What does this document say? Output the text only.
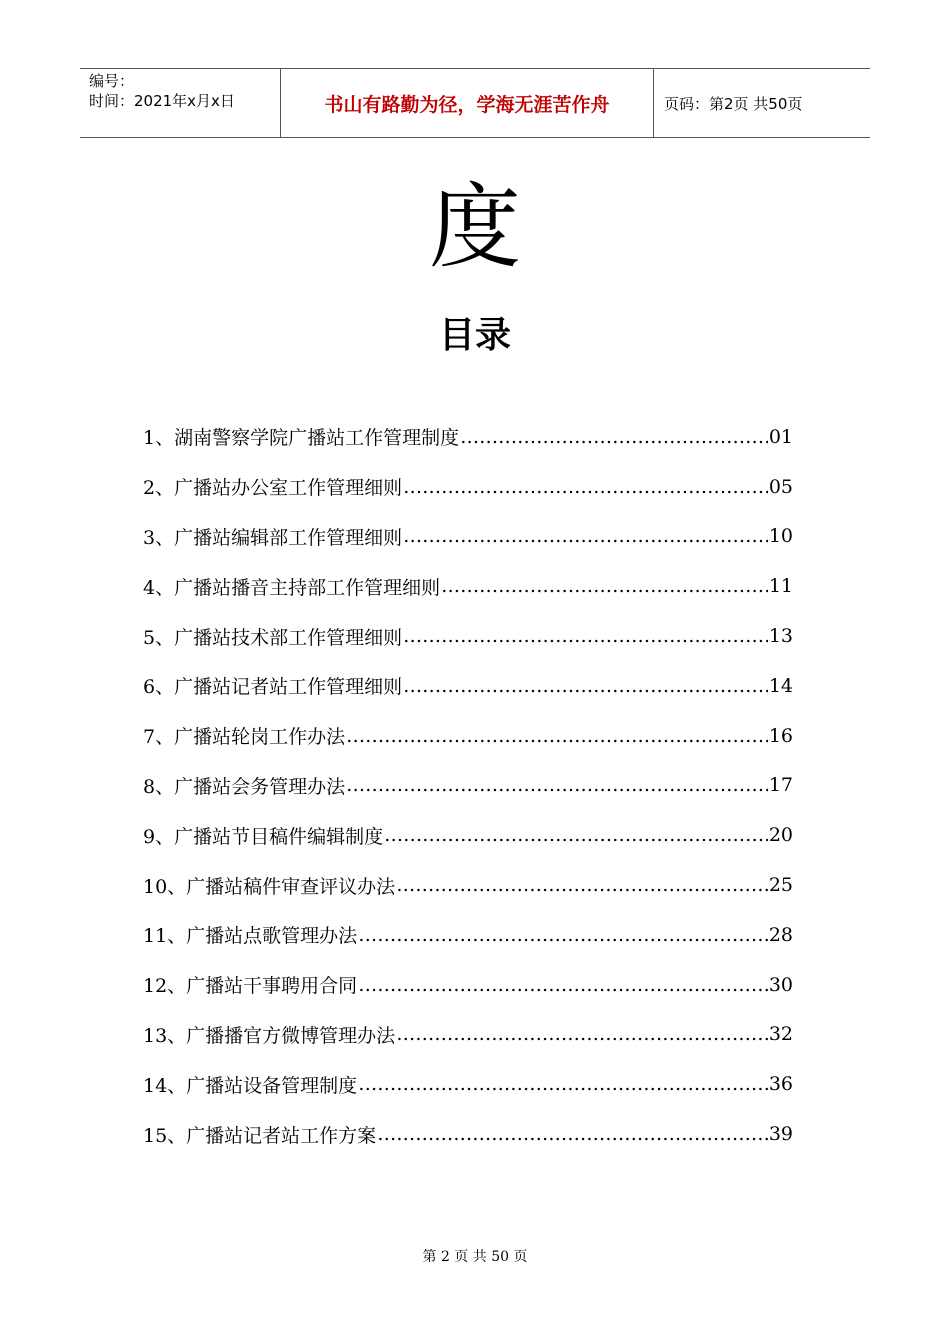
编号：
时间：2021年x月x日	书山有路勤为径，学海无涯苦作舟	页码：第2页 共50页
度
目录
1、湖南警察学院广播站工作管理制度 ………………………………………………………………………………………………………………………………	01
2、广播站办公室工作管理细则 ………………………………………………………………………………………………………………………………	05
3、广播站编辑部工作管理细则 ………………………………………………………………………………………………………………………………	10
4、广播站播音主持部工作管理细则 ………………………………………………………………………………………………………………………………	11
5、广播站技术部工作管理细则 ………………………………………………………………………………………………………………………………	13
6、广播站记者站工作管理细则 ………………………………………………………………………………………………………………………………	14
7、广播站轮岗工作办法 ………………………………………………………………………………………………………………………………	16
8、广播站会务管理办法 ………………………………………………………………………………………………………………………………	17
9、广播站节目稿件编辑制度 ………………………………………………………………………………………………………………………………	20
10、广播站稿件审查评议办法 ………………………………………………………………………………………………………………………………	25
11、广播站点歌管理办法 ………………………………………………………………………………………………………………………………	28
12、广播站干事聘用合同 ………………………………………………………………………………………………………………………………	30
13、广播播官方微博管理办法 ………………………………………………………………………………………………………………………………	32
14、广播站设备管理制度 ………………………………………………………………………………………………………………………………	36
15、广播站记者站工作方案 ………………………………………………………………………………………………………………………………	39
第 2 页 共 50 页
